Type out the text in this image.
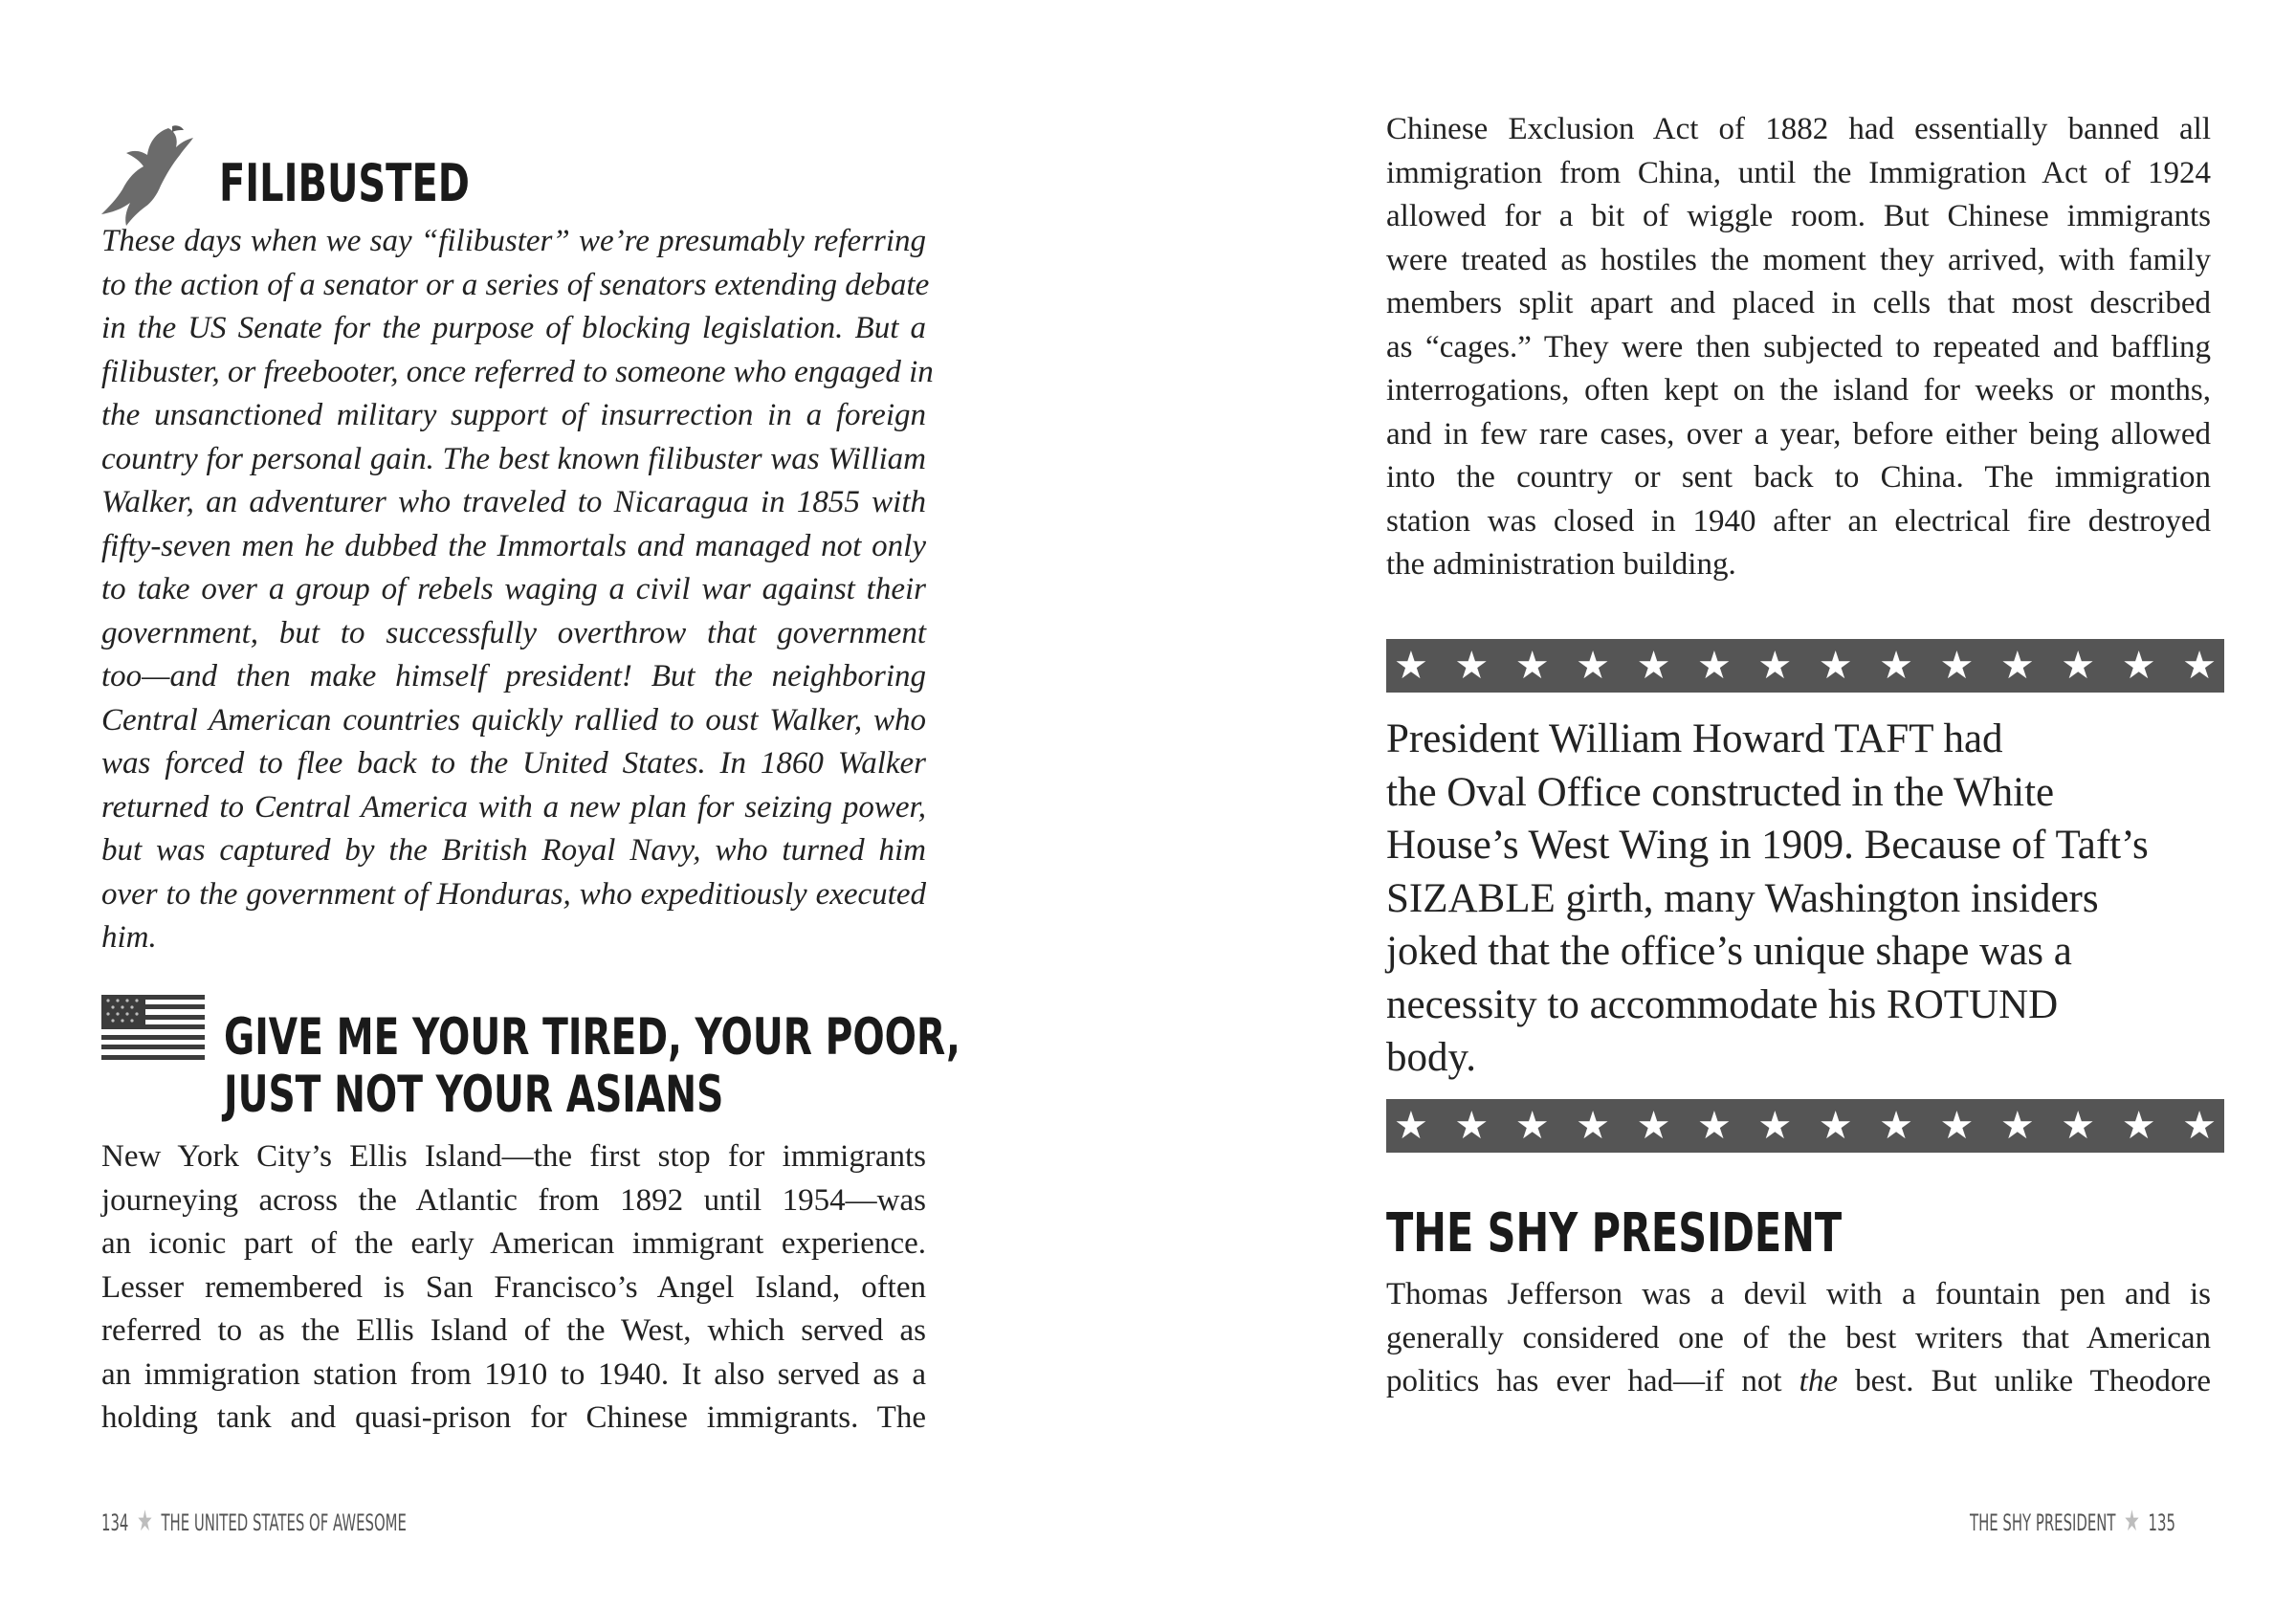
FILIBUSTED
These days when we say “filibuster” we’re presumably referring
to the action of a senator or a series of senators extending debate
in the US Senate for the purpose of blocking legislation. But a
filibuster, or freebooter, once referred to someone who engaged in
the unsanctioned military support of insurrection in a foreign
country for personal gain. The best known filibuster was William
Walker, an adventurer who traveled to Nicaragua in 1855 with
fifty-seven men he dubbed the Immortals and managed not only
to take over a group of rebels waging a civil war against their
government, but to successfully overthrow that government
too—and then make himself president! But the neighboring
Central American countries quickly rallied to oust Walker, who
was forced to flee back to the United States. In 1860 Walker
returned to Central America with a new plan for seizing power,
but was captured by the British Royal Navy, who turned him
over to the government of Honduras, who expeditiously executed
him.
GIVE ME YOUR TIRED, YOUR POOR,
JUST NOT YOUR ASIANS
New York City’s Ellis Island—the first stop for immigrants
journeying across the Atlantic from 1892 until 1954—was
an iconic part of the early American immigrant experience.
Lesser remembered is San Francisco’s Angel Island, often
referred to as the Ellis Island of the West, which served as
an immigration station from 1910 to 1940. It also served as a
holding tank and quasi-prison for Chinese immigrants. The
134 ★ THE UNITED STATES OF AWESOME
Chinese Exclusion Act of 1882 had essentially banned all
immigration from China, until the Immigration Act of 1924
allowed for a bit of wiggle room. But Chinese immigrants
were treated as hostiles the moment they arrived, with family
members split apart and placed in cells that most described
as “cages.” They were then subjected to repeated and baffling
interrogations, often kept on the island for weeks or months,
and in few rare cases, over a year, before either being allowed
into the country or sent back to China. The immigration
station was closed in 1940 after an electrical fire destroyed
the administration building.
★ ★ ★ ★ ★ ★ ★ ★ ★ ★ ★ ★ ★ ★
President William Howard TAFT had
the Oval Office constructed in the White
House’s West Wing in 1909. Because of Taft’s
SIZABLE girth, many Washington insiders
joked that the office’s unique shape was a
necessity to accommodate his ROTUND
body.
★ ★ ★ ★ ★ ★ ★ ★ ★ ★ ★ ★ ★ ★
THE SHY PRESIDENT
Thomas Jefferson was a devil with a fountain pen and is
generally considered one of the best writers that American
politics has ever had—if not the best. But unlike Theodore
THE SHY PRESIDENT ★ 135
